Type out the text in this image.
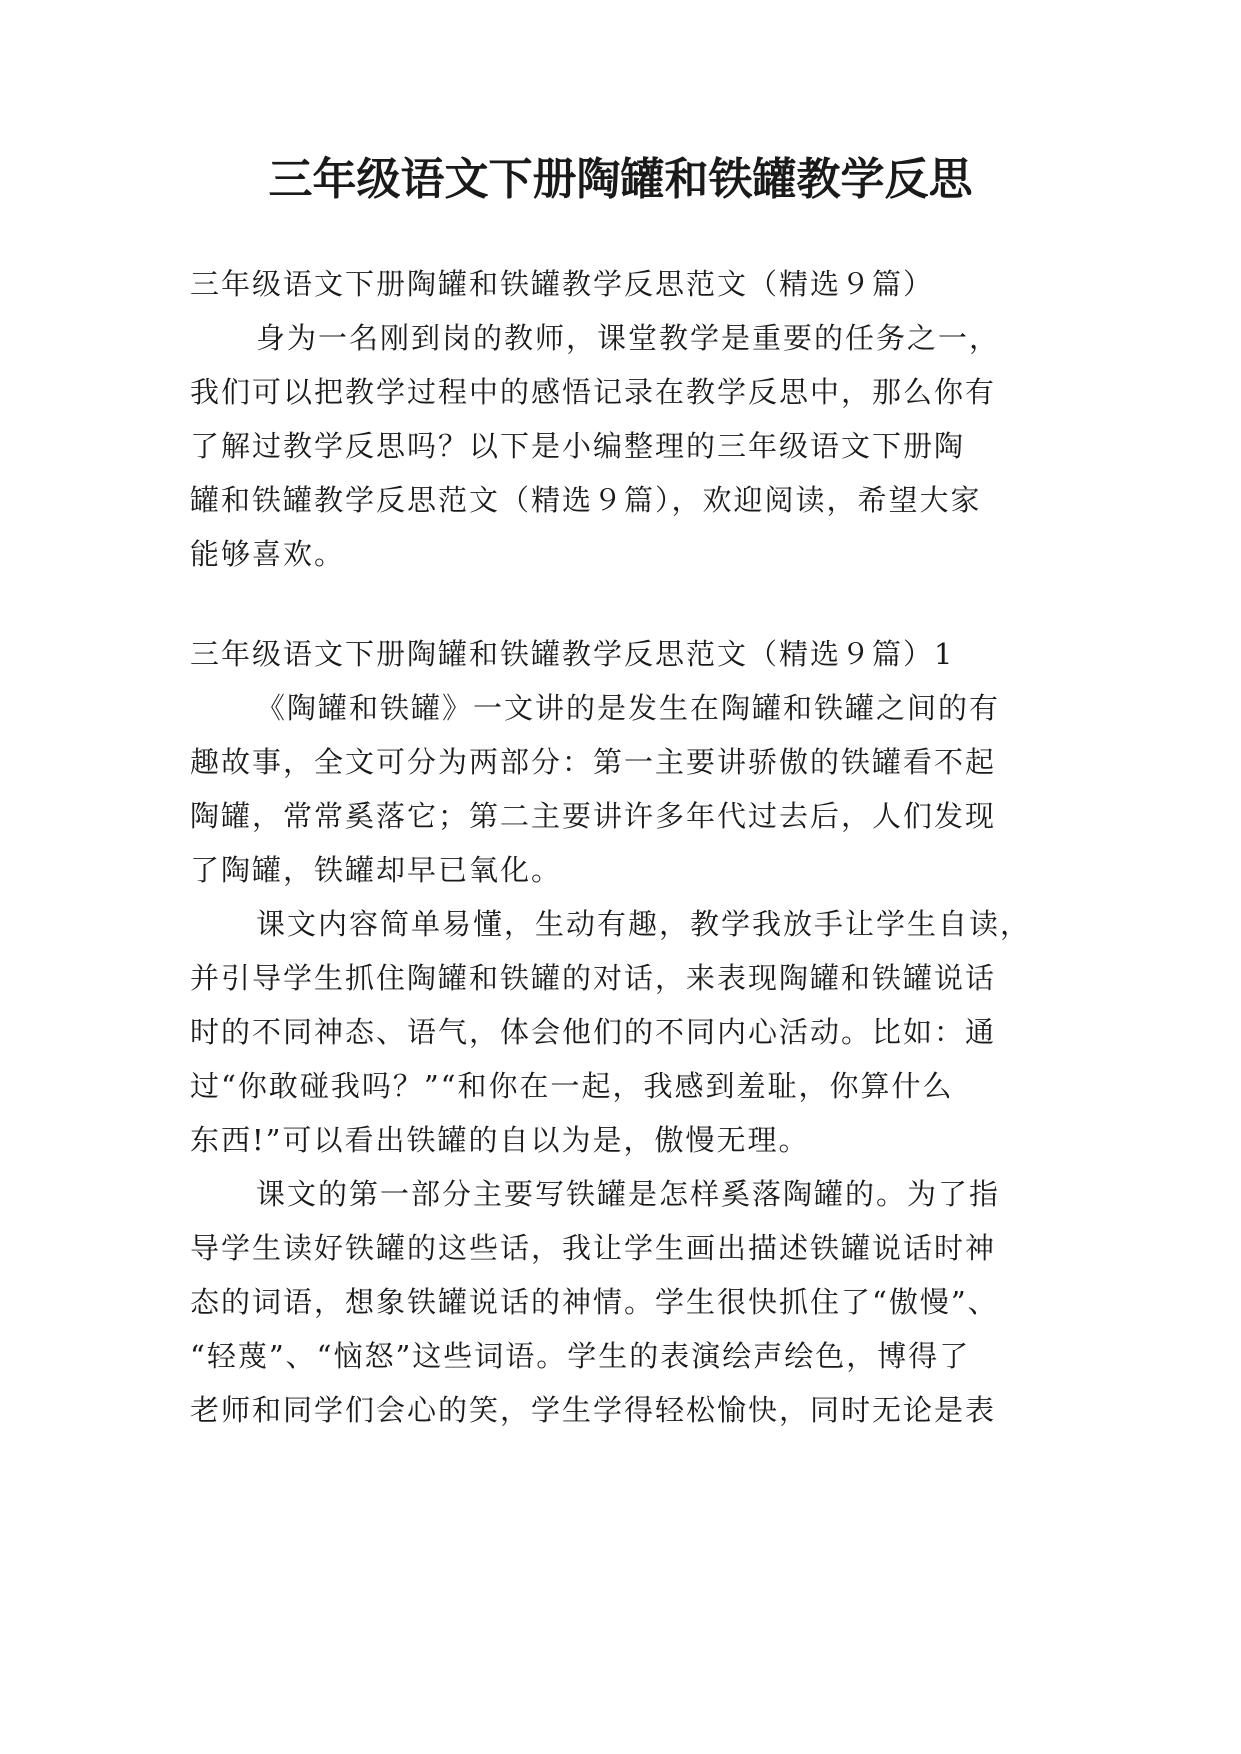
三年级语文下册陶罐和铁罐教学反思
三年级语文下册陶罐和铁罐教学反思范文（精选９篇）
身为一名刚到岗的教师，课堂教学是重要的任务之一，
我们可以把教学过程中的感悟记录在教学反思中，那么你有
了解过教学反思吗？以下是小编整理的三年级语文下册陶
罐和铁罐教学反思范文（精选９篇），欢迎阅读，希望大家
能够喜欢。
三年级语文下册陶罐和铁罐教学反思范文（精选９篇）1
《陶罐和铁罐》一文讲的是发生在陶罐和铁罐之间的有
趣故事，全文可分为两部分：第一主要讲骄傲的铁罐看不起
陶罐，常常奚落它；第二主要讲许多年代过去后，人们发现
了陶罐，铁罐却早已氧化。
课文内容简单易懂，生动有趣，教学我放手让学生自读，
并引导学生抓住陶罐和铁罐的对话，来表现陶罐和铁罐说话
时的不同神态、语气，体会他们的不同内心活动。比如：通
过“你敢碰我吗？”“和你在一起，我感到羞耻，你算什么
东西!”可以看出铁罐的自以为是，傲慢无理。
课文的第一部分主要写铁罐是怎样奚落陶罐的。为了指
导学生读好铁罐的这些话，我让学生画出描述铁罐说话时神
态的词语，想象铁罐说话的神情。学生很快抓住了“傲慢”、
“轻蔑”、“恼怒”这些词语。学生的表演绘声绘色，博得了
老师和同学们会心的笑，学生学得轻松愉快，同时无论是表
